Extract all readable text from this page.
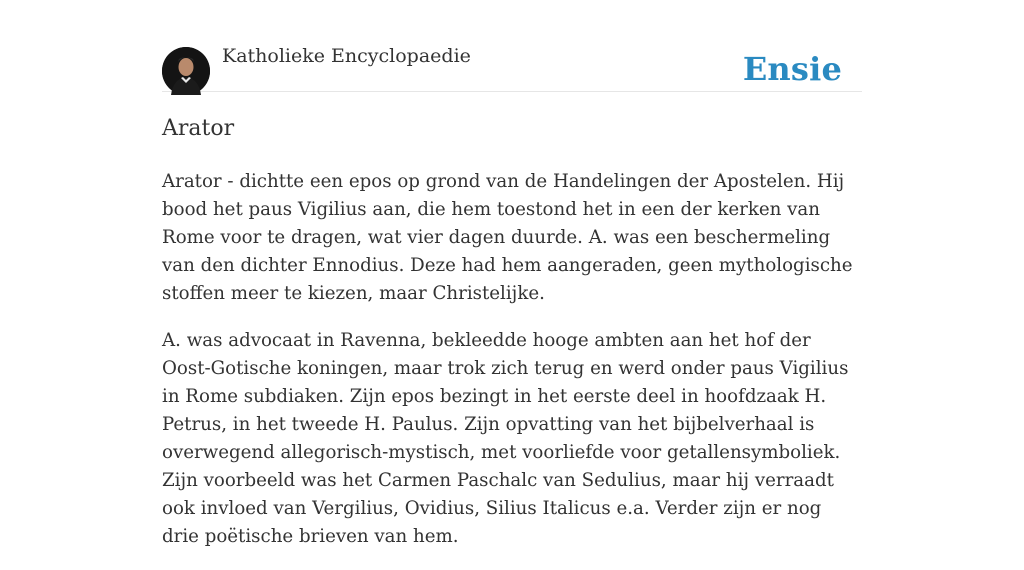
Katholieke Encyclopaedie	Ensie
Arator

Arator - dichtte een epos op grond van de Handelingen der Apostelen. Hij bood het paus Vigilius aan, die hem toestond het in een der kerken van Rome voor te dragen, wat vier dagen duurde. A. was een beschermeling van den dichter Ennodius. Deze had hem aangeraden, geen mythologische stoffen meer te kiezen, maar Christelijke.

A. was advocaat in Ravenna, bekleedde hooge ambten aan het hof der Oost-Gotische koningen, maar trok zich terug en werd onder paus Vigilius in Rome subdiaken. Zijn epos bezingt in het eerste deel in hoofdzaak H. Petrus, in het tweede H. Paulus. Zijn opvatting van het bijbelverhaal is overwegend allegorisch-mystisch, met voorliefde voor getallensymboliek. Zijn voorbeeld was het Carmen Paschalc van Sedulius, maar hij verraadt ook invloed van Vergilius, Ovidius, Silius Italicus e.a. Verder zijn er nog drie poëtische brieven van hem.
